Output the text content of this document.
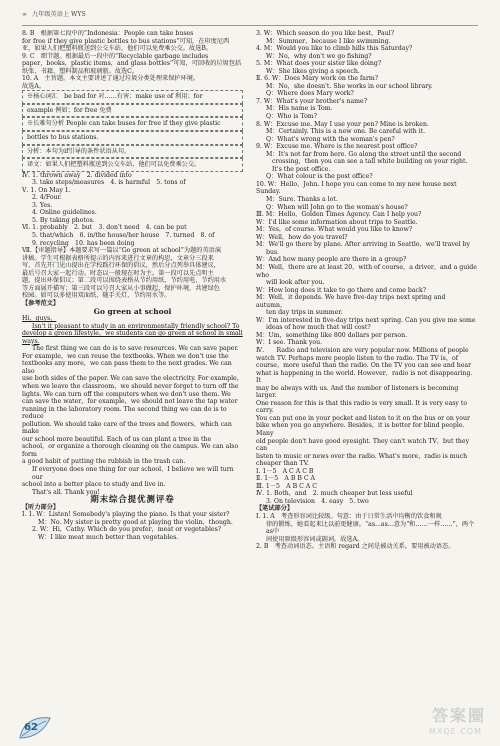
∞ 九年级英语上 WYS

8. B　根据第七段中的“Indonesia：People can take buses

for free if they give plastic bottles to bus stations”可知，在印度尼西

亚，如果人们把塑料瓶送到公交车站，他们可以免费乘公交。故选B。

9. C　细节题。根据最后一段中的“Recyclable garbage includes

paper，books，plastic items，and glass bottles”可知，可回收的垃圾包括

纸张、书籍、塑料制品和玻璃瓶。故选C。

10. A　主旨题。本文主要讲述了通过垃圾分类处理来保护环境。

故选A。

※核心词汇　be bad for 对……有害；make use of 利用；for

example 例如；for free 免费

※长难句分析 People can take buses for free if they give plastic

bottles to bus stations.

分析：本句为if引导的条件状语从句。

译文：如果人们把塑料瓶送到公交车站，他们可以免费乘公交。

Ⅳ. 1. thrown away　2. divided into

3. take steps/measures　4. is harmful　5. tons of

Ⅴ. 1. On May 1.

2. 4/Four.

3. Yes.

4. Online guidelines.

5. By taking photos.

Ⅵ. 1. probably　2. but　3. don't need　4. can be put

5. that/which　6. in/the house/her house　7. turned　8. of

9. recycling　10. has been doing

Ⅶ.【审题指导】本题要求写一篇以“Go green at school”为题的英语演

讲稿。学生可根据表格所提示的内容来进行文章的构思，文章分三段来

写，首先开门见山提出在学校践行环保的倡议，然后分点列举具体建议，

最后号召大家一起行动。时态以一般现在时为主。第一段可以先点明主

题，提出环保倡议；第二段可以围绕表格从节约用纸、节约用电、节约用水

等方面展开描写；第三段可以号召大家从小事做起，保护环境，共建绿色

校园。如可以多使用双面纸、随手关灯、节约用水等。

【参考范文】

Go green at school

Hi，guys，

Isn't it pleasant to study in an environmentally friendly school? To

develop a green lifestyle，we students can go green at school in small

ways.

The first thing we can do is to save resources. We can save paper.

For example，we can reuse the textbooks. When we don't use the

textbooks any more，we can pass them to the next grades. We can also

use both sides of the paper. We can save the electricity. For example，

when we leave the classroom，we should never forget to turn off the

lights. We can turn off the computers when we don't use them. We

can save the water，for example，we should not leave the tap water

running in the laboratory room. The second thing we can do is to reduce

pollution. We should take care of the trees and flowers，which can make

our school more beautiful. Each of us can plant a tree in the

school，or organize a thorough cleaning on the campus. We can also form

a good habit of putting the rubbish in the trash can.

If everyone does one thing for our school，I believe we will turn our

school into a better place to study and live in.

That's all. Thank you!

期末综合提优测评卷

【听力部分】

Ⅰ. 1. W：Listen! Somebody's playing the piano. Is that your sister?

M：No. My sister is pretty good at playing the violin，though.

2. W：Hi，Cathy. Which do you prefer，meat or vegetables?

W：I like meat much better than vegetables.

3. W：Which season do you like best，Paul?

M：Summer，because I like swimming.

4. M：Would you like to climb hills this Saturday?

W：No，why don't we go fishing?

5. M：What does your sister like doing?

W：She likes giving a speech.

Ⅱ. 6. W：Does Mary work on the farm?

M：No，she doesn't. She works in our school library.

Q：Where does Mary work?

7. W：What's your brother's name?

M：His name is Tom.

Q：Who is Tom?

8. W：Excuse me. May I use your pen? Mine is broken.

M：Certainly. This is a new one. Be careful with it.

Q：What's wrong with the woman's pen?

9. W：Excuse me. Where is the nearest post office?

M：It's not far from here. Go along the street until the second

crossing，then you can see a tall white building on your right.

It's the post office.

Q：What colour is the post office?

10. W：Hello，John. I hope you can come to my new house next Sunday.

M：Sure. Thanks a lot.

Q：When will John go to the woman's house?

Ⅲ. M：Hello，Golden Times Agency. Can I help you?

W：I'd like some information about trips to Seattle.

M：Yes，of course. What would you like to know?

W：Well，how do you travel?

M：We'll go there by plane. After arriving in Seattle，we'll travel by

bus.

W：And how many people are there in a group?

M：Well，there are at least 20，with of course，a driver，and a guide who

will look after you.

W：How long does it take to go there and come back?

M：Well，it depends. We have five-day trips next spring and autumn，

ten day trips in summer.

W：I'm interested in five-day trips next spring. Can you give me some

ideas of how much that will cost?

M：Um，something like 800 dollars per person.

W：I see. Thank you.

Ⅳ.　　Radio and television are very popular now. Millions of people

watch TV. Perhaps more people listen to the radio. The TV is，of

course，more useful than the radio. On the TV you can see and hear

what is happening in the world. However，radio is not disappearing. It

may be always with us. And the number of listeners is becoming larger.

One reason for this is that this radio is very small. It is very easy to carry.

You can put one in your pocket and listen to it on the bus or on your

bike when you go anywhere. Besides，it is better for blind people. Many

old people don't have good eyesight. They can't watch TV，but they can

listen to music or news over the radio. What's more，radio is much

cheaper than TV.

Ⅰ. 1－5　A C A C B

Ⅱ. 1－5　A B B C A

Ⅲ. 1－5　A B C A C

Ⅳ. 1. Both，and　2. much cheaper but less useful

3. On television　4. easy　5. two

【笔试部分】

Ⅰ. 1. A　考查形容词比较级。句意：由于日常生活中均衡的饮食和规

律的锻炼，她看起来比以前更健康。“as...as...意为“和……一样……”，两个as中

间使用原级形容词或副词。故选A。

2. B　考查动词语态。主语和 regard 之间是被动关系，要用被动语态。

62
答案圈
MXQE.COM
